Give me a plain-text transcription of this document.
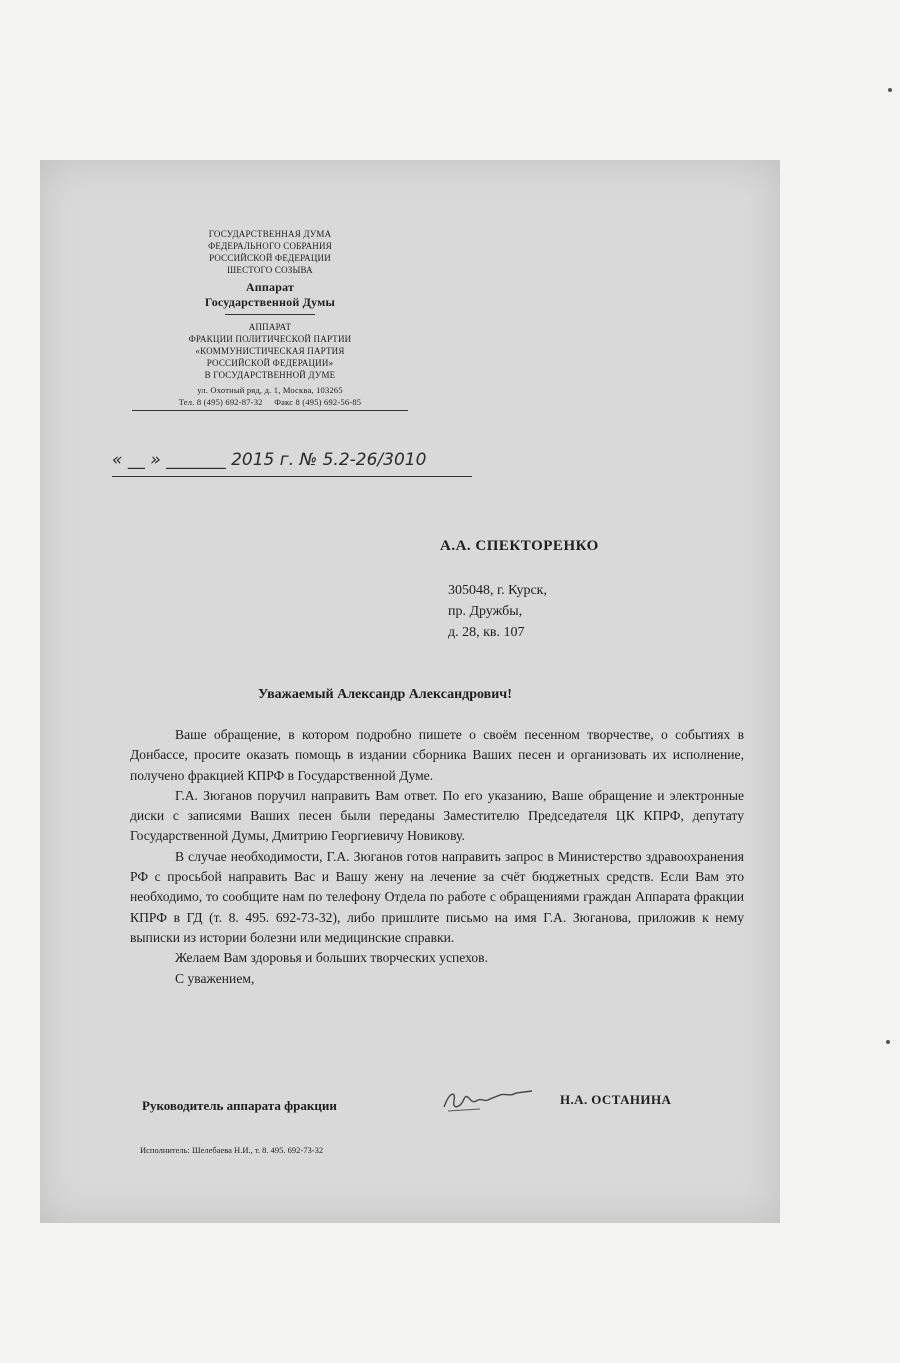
ГОСУДАРСТВЕННАЯ ДУМА
ФЕДЕРАЛЬНОГО СОБРАНИЯ
РОССИЙСКОЙ ФЕДЕРАЦИИ
ШЕСТОГО СОЗЫВА
Аппарат
Государственной Думы
АППАРАТ
ФРАКЦИИ ПОЛИТИЧЕСКОЙ ПАРТИИ
«КОММУНИСТИЧЕСКАЯ ПАРТИЯ
РОССИЙСКОЙ ФЕДЕРАЦИИ»
В ГОСУДАРСТВЕННОЙ ДУМЕ
ул. Охотный ряд, д. 1, Москва, 103265
Тел. 8 (495) 692-87-32 Факс 8 (495) 692-56-85
« __ » _______ 2015 г. № 5.2-26/3010
А.А. СПЕКТОРЕНКО
305048, г. Курск,
пр. Дружбы,
д. 28, кв. 107
Уважаемый Александр Александрович!

Ваше обращение, в котором подробно пишете о своём песенном творчестве, о событиях в Донбассе, просите оказать помощь в издании сборника Ваших песен и организовать их исполнение, получено фракцией КПРФ в Государственной Думе.

Г.А. Зюганов поручил направить Вам ответ. По его указанию, Ваше обращение и электронные диски с записями Ваших песен были переданы Заместителю Председателя ЦК КПРФ, депутату Государственной Думы, Дмитрию Георгиевичу Новикову.

В случае необходимости, Г.А. Зюганов готов направить запрос в Министерство здравоохранения РФ с просьбой направить Вас и Вашу жену на лечение за счёт бюджетных средств. Если Вам это необходимо, то сообщите нам по телефону Отдела по работе с обращениями граждан Аппарата фракции КПРФ в ГД (т. 8. 495. 692-73-32), либо пришлите письмо на имя Г.А. Зюганова, приложив к нему выписки из истории болезни или медицинские справки.

Желаем Вам здоровья и больших творческих успехов.

С уважением,

Руководитель аппарата фракции	Н.А. ОСТАНИНА
Исполнитель: Шелебаева Н.И., т. 8. 495. 692-73-32
